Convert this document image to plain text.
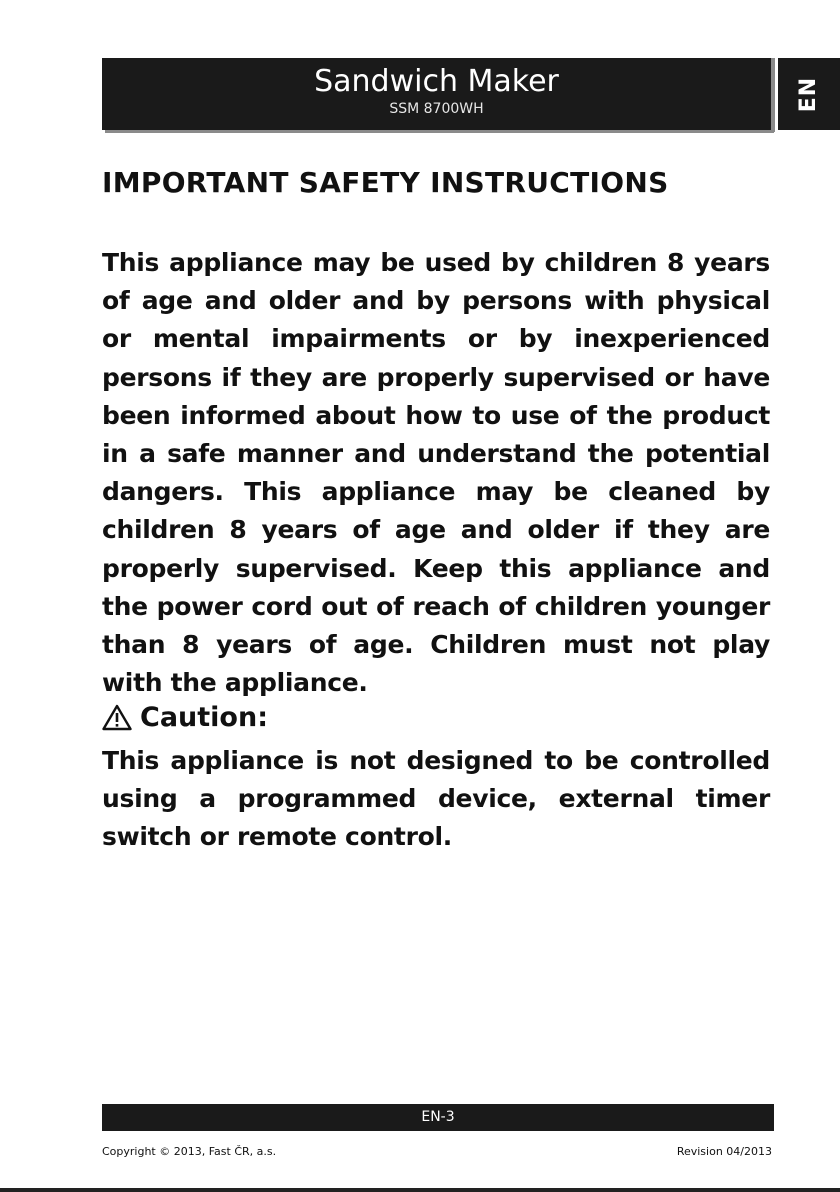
Sandwich Maker
SSM 8700WH	EN
IMPORTANT SAFETY INSTRUCTIONS

This appliance may be used by children 8 years of age and older and by persons with physical or mental impairments or by inexperienced persons if they are properly supervised or have been informed about how to use of the product in a safe manner and understand the potential dangers. This appliance may be cleaned by children 8 years of age and older if they are properly supervised. Keep this appliance and the power cord out of reach of children younger than 8 years of age. Children must not play with the appliance.

Caution:

This appliance is not designed to be controlled using a programmed device, external timer switch or remote control.

EN-3
Copyright © 2013, Fast ČR, a.s.	Revision 04/2013
